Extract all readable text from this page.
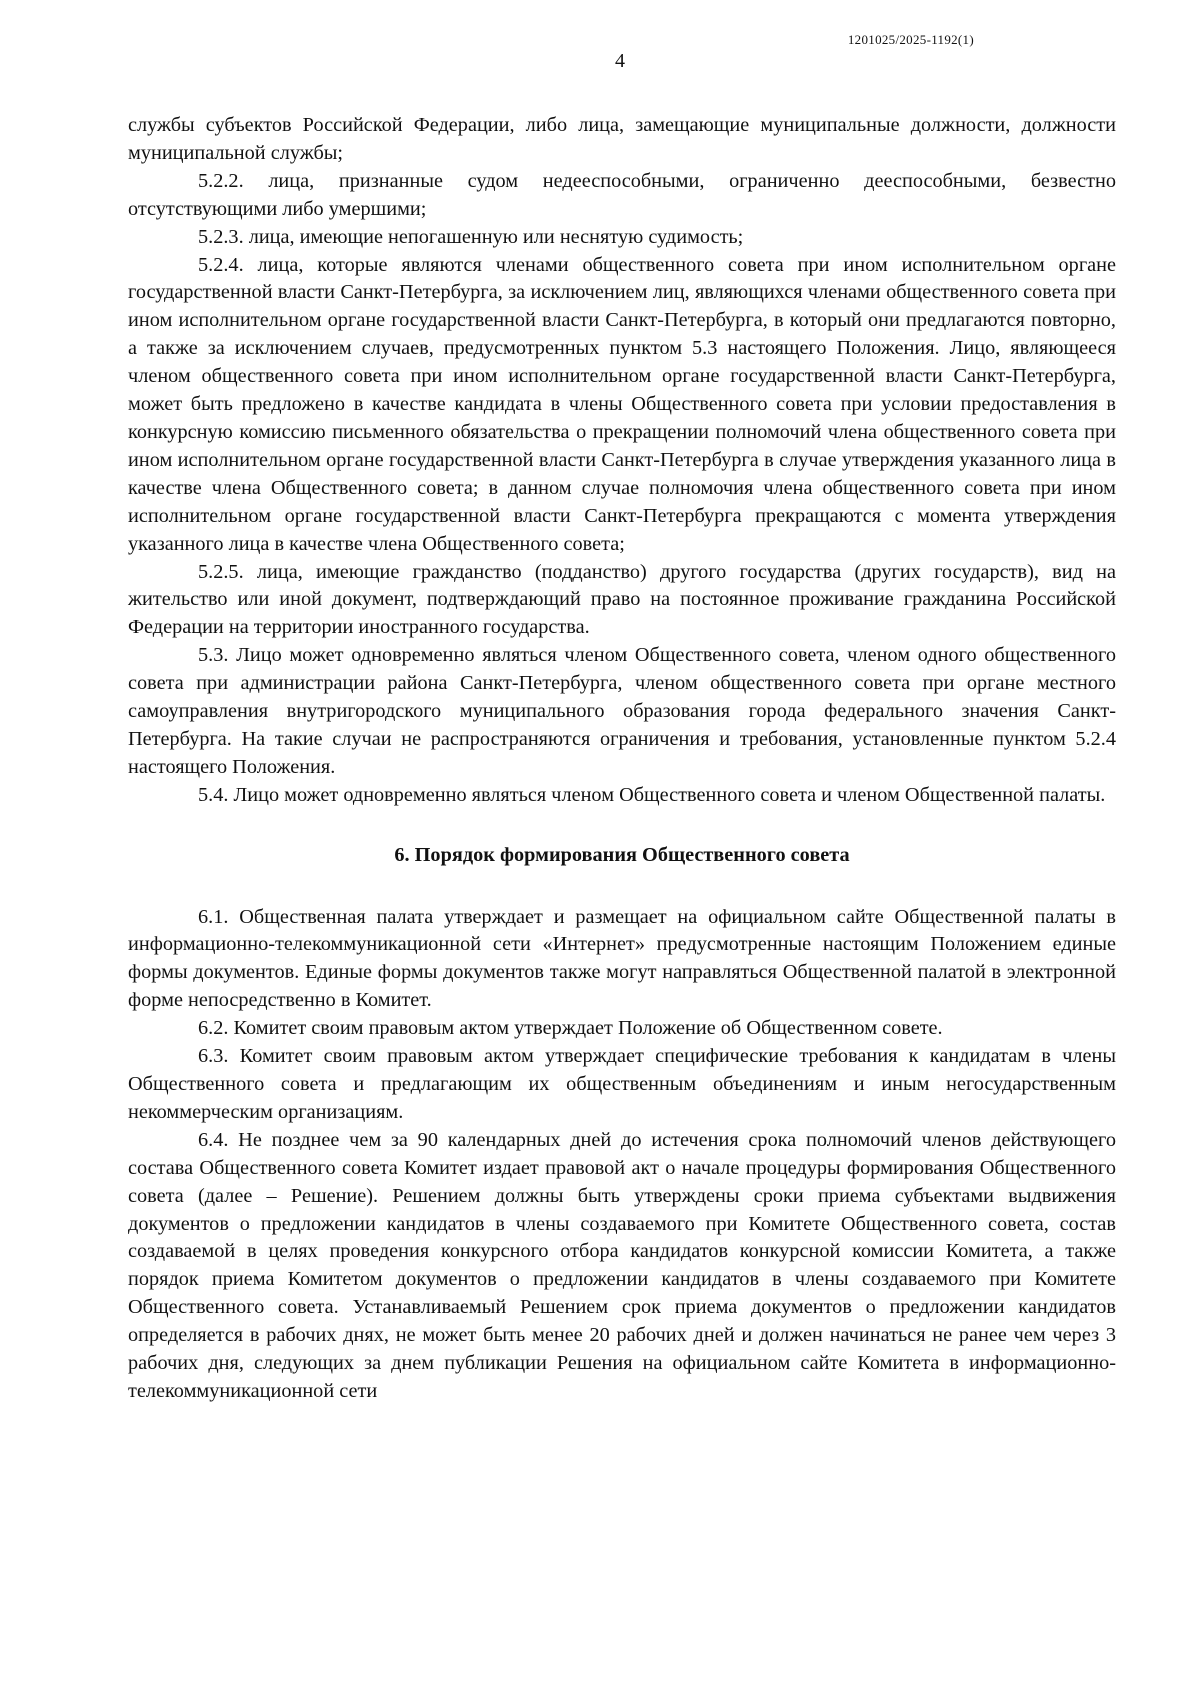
1201025/2025-1192(1)
4

службы субъектов Российской Федерации, либо лица, замещающие муниципальные должности, должности муниципальной службы;

5.2.2. лица, признанные судом недееспособными, ограниченно дееспособными, безвестно отсутствующими либо умершими;

5.2.3. лица, имеющие непогашенную или неснятую судимость;

5.2.4. лица, которые являются членами общественного совета при ином исполнительном органе государственной власти Санкт-Петербурга, за исключением лиц, являющихся членами общественного совета при ином исполнительном органе государственной власти Санкт-Петербурга, в который они предлагаются повторно, а также за исключением случаев, предусмотренных пунктом 5.3 настоящего Положения. Лицо, являющееся членом общественного совета при ином исполнительном органе государственной власти Санкт-Петербурга, может быть предложено в качестве кандидата в члены Общественного совета при условии предоставления в конкурсную комиссию письменного обязательства о прекращении полномочий члена общественного совета при ином исполнительном органе государственной власти Санкт-Петербурга в случае утверждения указанного лица в качестве члена Общественного совета; в данном случае полномочия члена общественного совета при ином исполнительном органе государственной власти Санкт-Петербурга прекращаются с момента утверждения указанного лица в качестве члена Общественного совета;

5.2.5. лица, имеющие гражданство (подданство) другого государства (других государств), вид на жительство или иной документ, подтверждающий право на постоянное проживание гражданина Российской Федерации на территории иностранного государства.

5.3. Лицо может одновременно являться членом Общественного совета, членом одного общественного совета при администрации района Санкт-Петербурга, членом общественного совета при органе местного самоуправления внутригородского муниципального образования города федерального значения Санкт-Петербурга. На такие случаи не распространяются ограничения и требования, установленные пунктом 5.2.4 настоящего Положения.

5.4. Лицо может одновременно являться членом Общественного совета и членом Общественной палаты.

6. Порядок формирования Общественного совета

6.1. Общественная палата утверждает и размещает на официальном сайте Общественной палаты в информационно-телекоммуникационной сети «Интернет» предусмотренные настоящим Положением единые формы документов. Единые формы документов также могут направляться Общественной палатой в электронной форме непосредственно в Комитет.

6.2. Комитет своим правовым актом утверждает Положение об Общественном совете.

6.3. Комитет своим правовым актом утверждает специфические требования к кандидатам в члены Общественного совета и предлагающим их общественным объединениям и иным негосударственным некоммерческим организациям.

6.4. Не позднее чем за 90 календарных дней до истечения срока полномочий членов действующего состава Общественного совета Комитет издает правовой акт о начале процедуры формирования Общественного совета (далее – Решение). Решением должны быть утверждены сроки приема субъектами выдвижения документов о предложении кандидатов в члены создаваемого при Комитете Общественного совета, состав создаваемой в целях проведения конкурсного отбора кандидатов конкурсной комиссии Комитета, а также порядок приема Комитетом документов о предложении кандидатов в члены создаваемого при Комитете Общественного совета. Устанавливаемый Решением срок приема документов о предложении кандидатов определяется в рабочих днях, не может быть менее 20 рабочих дней и должен начинаться не ранее чем через 3 рабочих дня, следующих за днем публикации Решения на официальном сайте Комитета в информационно-телекоммуникационной сети
